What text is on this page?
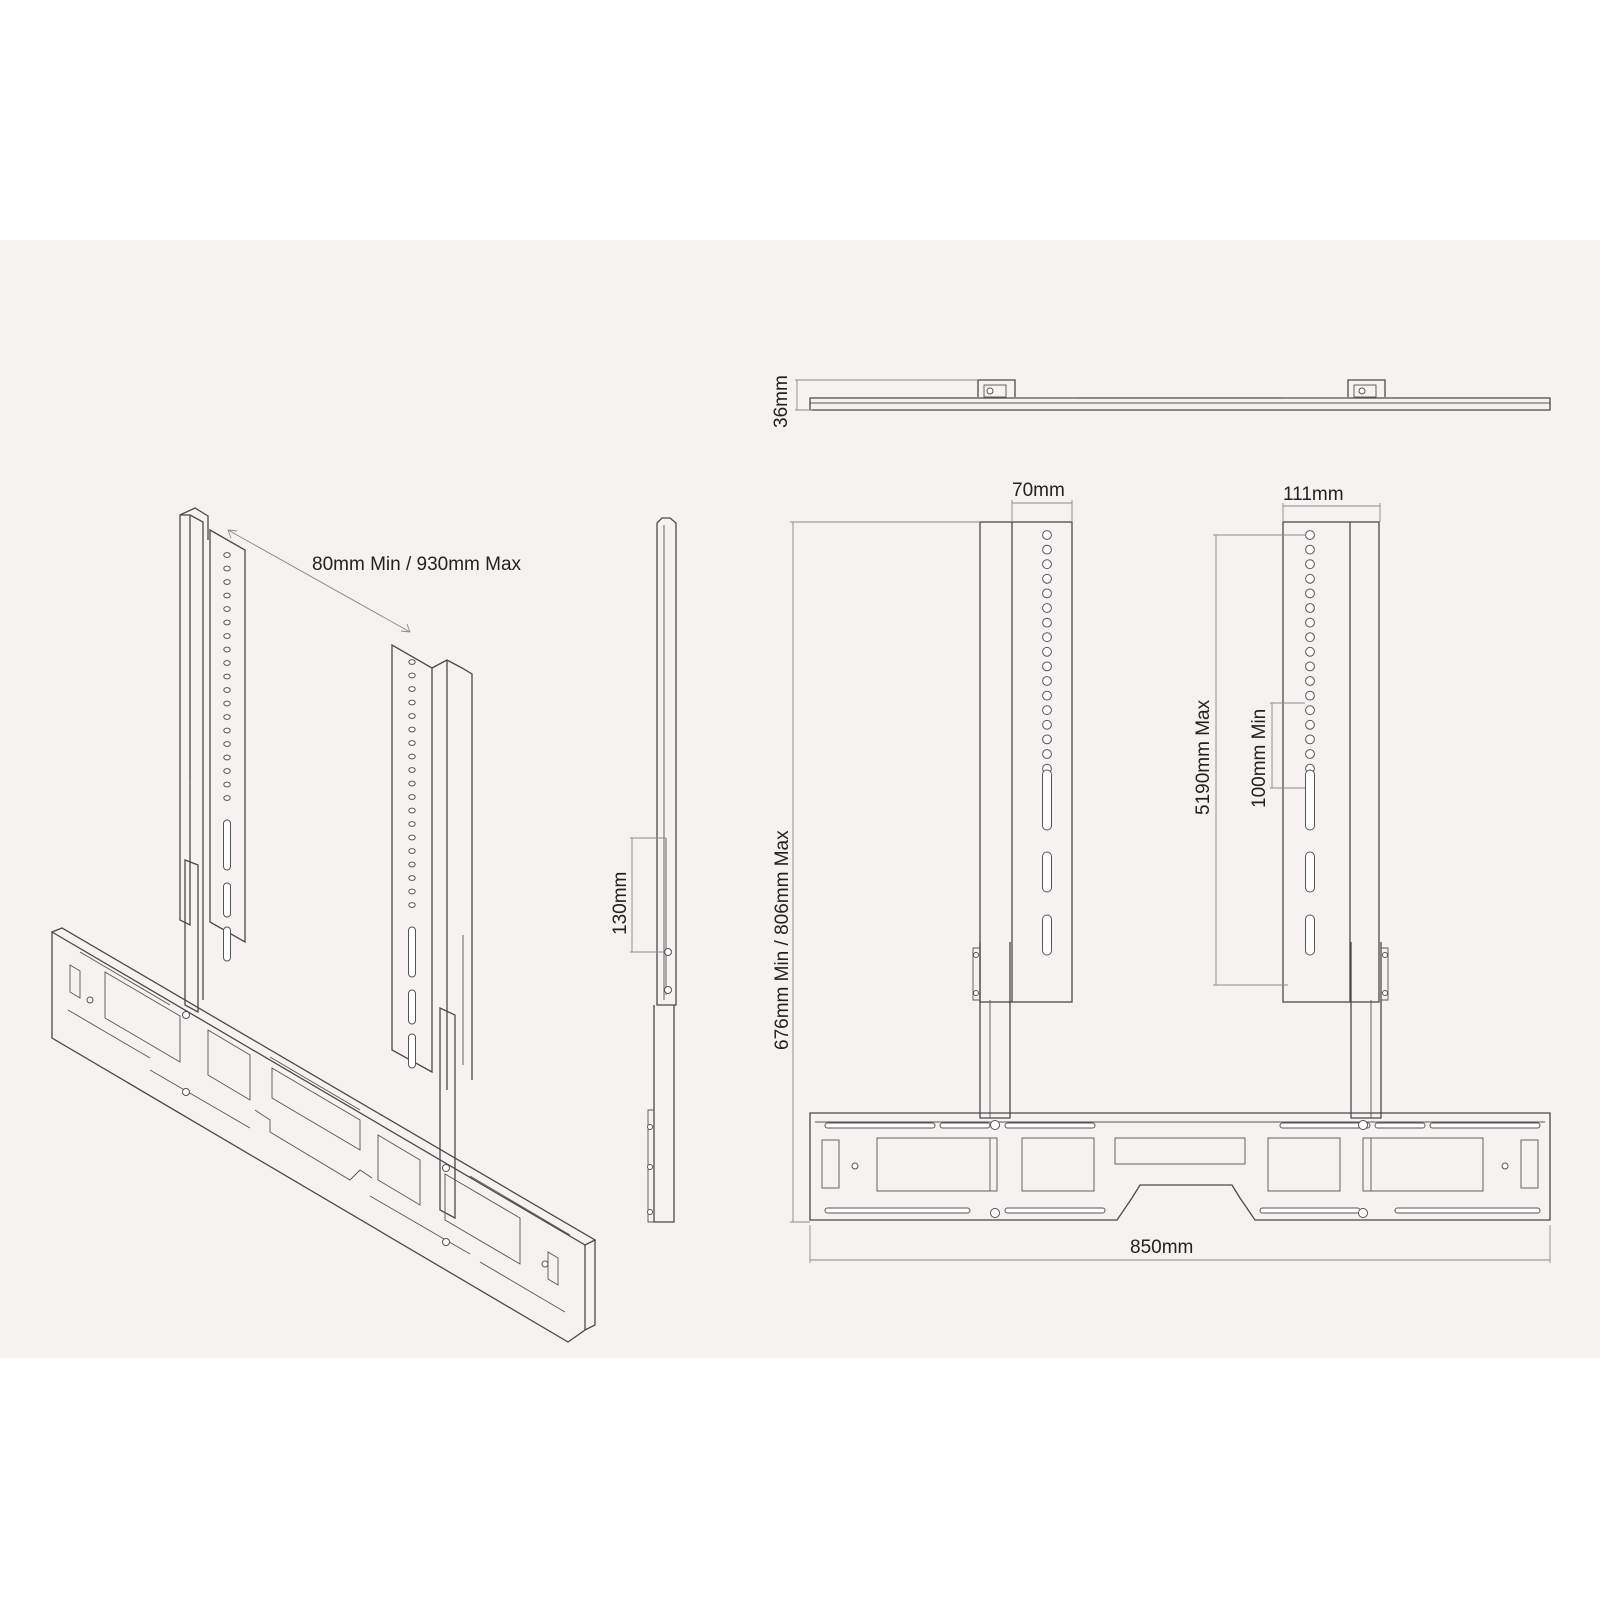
80mm Min / 930mm Max
130mm
36mm
70mm	111mm
676mm Min / 806mm Max
5190mm Max 100mm Min
850mm
